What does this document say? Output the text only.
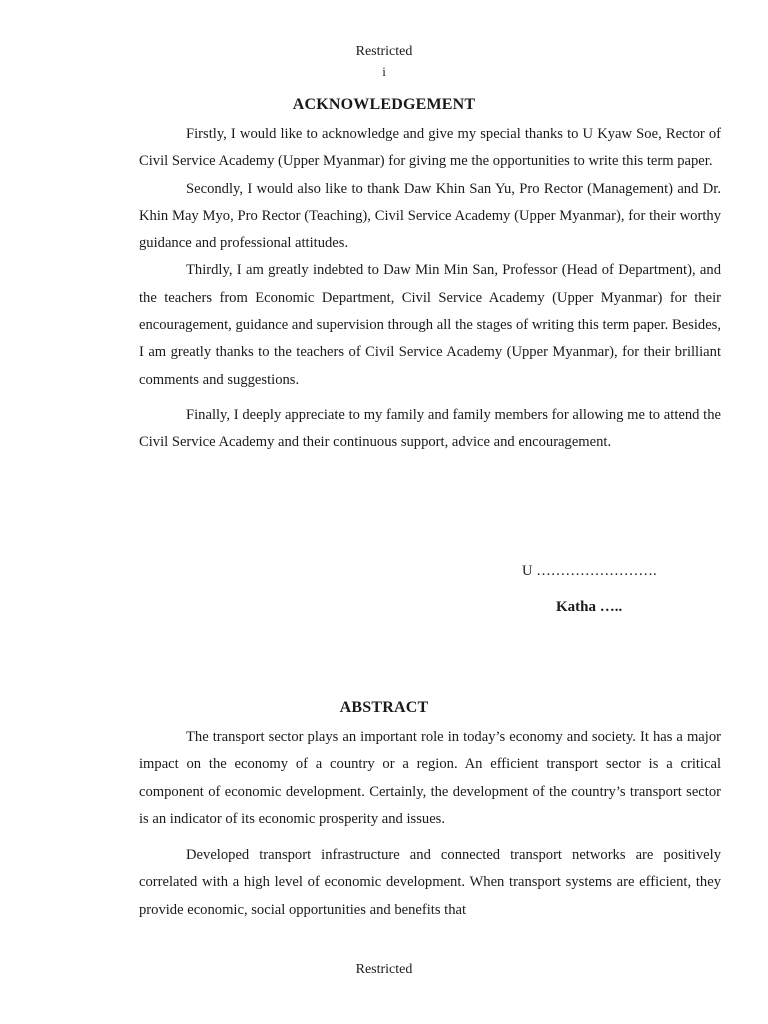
Restricted
i
ACKNOWLEDGEMENT

Firstly, I would like to acknowledge and give my special thanks to U Kyaw Soe, Rector of Civil Service Academy (Upper Myanmar) for giving me the opportunities to write this term paper.

Secondly, I would also like to thank Daw Khin San Yu, Pro Rector (Management) and Dr. Khin May Myo, Pro Rector (Teaching), Civil Service Academy (Upper Myanmar), for their worthy guidance and professional attitudes.

Thirdly, I am greatly indebted to Daw Min Min San, Professor (Head of Department), and the teachers from Economic Department, Civil Service Academy (Upper Myanmar) for their encouragement, guidance and supervision through all the stages of writing this term paper. Besides, I am greatly thanks to the teachers of Civil Service Academy (Upper Myanmar), for their brilliant comments and suggestions.

Finally, I deeply appreciate to my family and family members for allowing me to attend the Civil Service Academy and their continuous support, advice and encouragement.

U …………………….
Katha …..
ABSTRACT

The transport sector plays an important role in today’s economy and society. It has a major impact on the economy of a country or a region. An efficient transport sector is a critical component of economic development. Certainly, the development of the country’s transport sector is an indicator of its economic prosperity and issues.

Developed transport infrastructure and connected transport networks are positively correlated with a high level of economic development. When transport systems are efficient, they provide economic, social opportunities and benefits that

Restricted
